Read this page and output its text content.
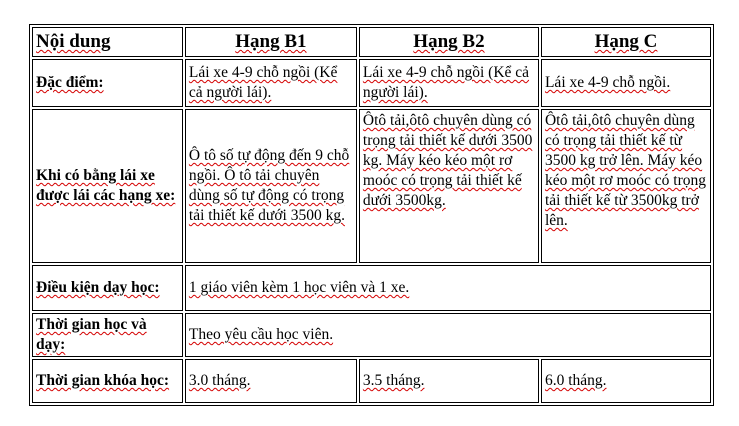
Nội dung	Hạng B1	Hạng B2	Hạng C
Đặc điểm:	Lái xe 4-9 chỗ ngồi (Kể cả người lái).	Lái xe 4-9 chỗ ngồi (Kể cả người lái).	Lái xe 4-9 chỗ ngồi.
Khi có bằng lái xe được lái các hạng xe:	Ô tô số tự động đến 9 chỗ ngồi. Ô tô tải chuyên dùng số tự động có trọng tải thiết kế dưới 3500 kg.	Ôtô tải,ôtô chuyên dùng có trọng tải thiết kế dưới 3500 kg. Máy kéo kéo một rơ moóc có trọng tải thiết kế dưới 3500kg.	Ôtô tải,ôtô chuyên dùng có trọng tải thiết kế từ 3500 kg trở lên. Máy kéo kéo một rơ moóc có trọng tải thiết kế từ 3500kg trở lên.
Điều kiện dạy học:	1 giáo viên kèm 1 học viên và 1 xe.		
Thời gian học và dạy:	Theo yêu cầu học viên.		
Thời gian khóa học:	3.0 tháng.	3.5 tháng.	6.0 tháng.
